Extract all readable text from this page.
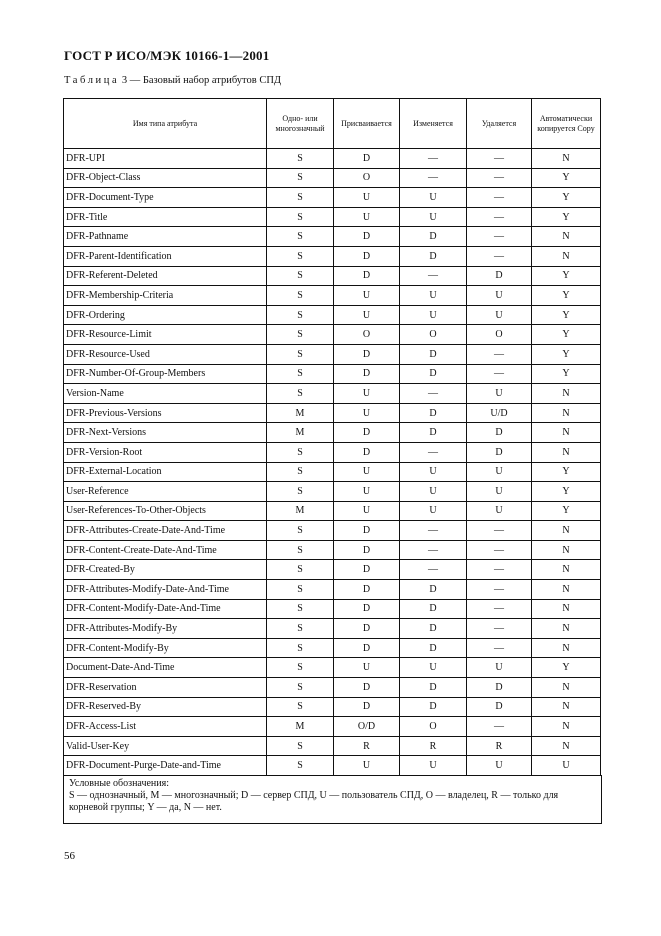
ГОСТ Р ИСО/МЭК 10166-1—2001
Таблица 3 — Базовый набор атрибутов СПД
Имя типа атрибута	Одно- или многозначный	Присваивается	Изменяется	Удаляется	Автоматически копируется Copy
DFR-UPI	S	D	—	—	N
DFR-Object-Class	S	O	—	—	Y
DFR-Document-Type	S	U	U	—	Y
DFR-Title	S	U	U	—	Y
DFR-Pathname	S	D	D	—	N
DFR-Parent-Identification	S	D	D	—	N
DFR-Referent-Deleted	S	D	—	D	Y
DFR-Membership-Criteria	S	U	U	U	Y
DFR-Ordering	S	U	U	U	Y
DFR-Resource-Limit	S	O	O	O	Y
DFR-Resource-Used	S	D	D	—	Y
DFR-Number-Of-Group-Members	S	D	D	—	Y
Version-Name	S	U	—	U	N
DFR-Previous-Versions	M	U	D	U/D	N
DFR-Next-Versions	M	D	D	D	N
DFR-Version-Root	S	D	—	D	N
DFR-External-Location	S	U	U	U	Y
User-Reference	S	U	U	U	Y
User-References-To-Other-Objects	M	U	U	U	Y
DFR-Attributes-Create-Date-And-Time	S	D	—	—	N
DFR-Content-Create-Date-And-Time	S	D	—	—	N
DFR-Created-By	S	D	—	—	N
DFR-Attributes-Modify-Date-And-Time	S	D	D	—	N
DFR-Content-Modify-Date-And-Time	S	D	D	—	N
DFR-Attributes-Modify-By	S	D	D	—	N
DFR-Content-Modify-By	S	D	D	—	N
Document-Date-And-Time	S	U	U	U	Y
DFR-Reservation	S	D	D	D	N
DFR-Reserved-By	S	D	D	D	N
DFR-Access-List	M	O/D	O	—	N
Valid-User-Key	S	R	R	R	N
DFR-Document-Purge-Date-and-Time	S	U	U	U	U

Условные обозначения:

S — однозначный, М — многозначный; D — сервер СПД, U — пользователь СПД, О — владелец, R — только для корневой группы; Y — да, N — нет.

56
